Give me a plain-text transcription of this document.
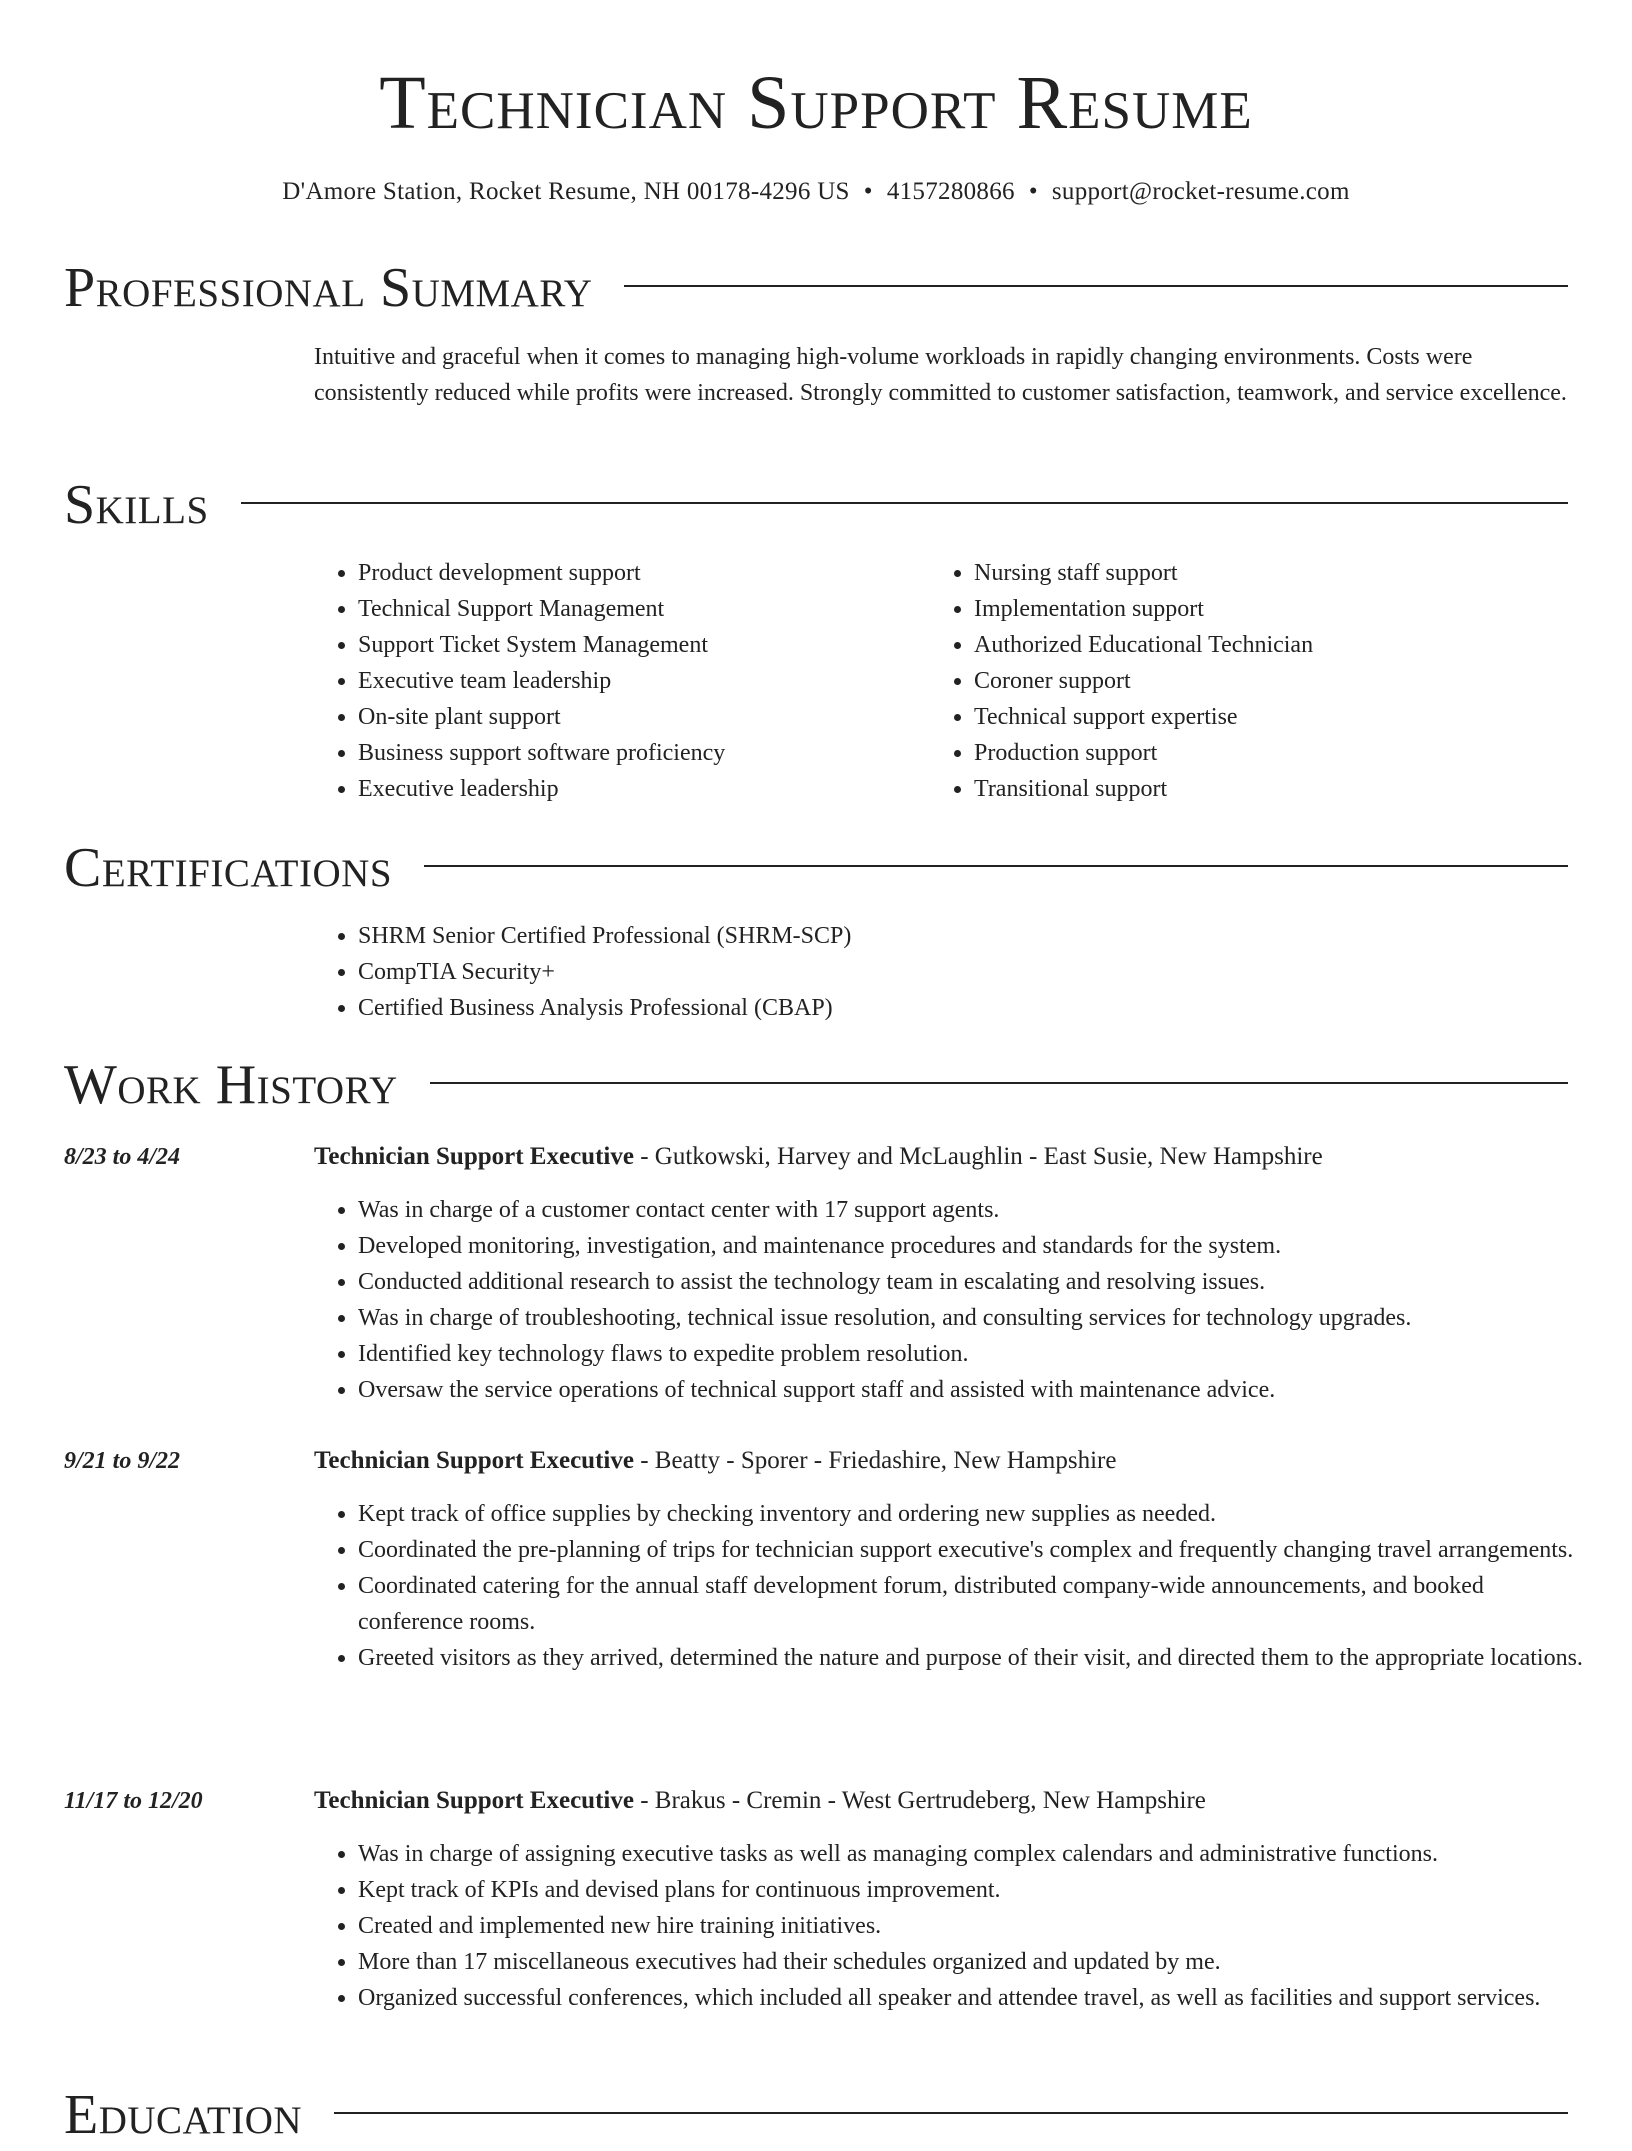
Technician Support Resume
D'Amore Station, Rocket Resume, NH 00178-4296 US • 4157280866 • support@rocket-resume.com
Professional Summary

Intuitive and graceful when it comes to managing high-volume workloads in rapidly changing environments. Costs were consistently reduced while profits were increased. Strongly committed to customer satisfaction, teamwork, and service excellence.

Skills
• Product development support
• Technical Support Management
• Support Ticket System Management
• Executive team leadership
• On-site plant support
• Business support software proficiency
• Executive leadership
• Nursing staff support
• Implementation support
• Authorized Educational Technician
• Coroner support
• Technical support expertise
• Production support
• Transitional support
Certifications
• SHRM Senior Certified Professional (SHRM-SCP)
• CompTIA Security+
• Certified Business Analysis Professional (CBAP)
Work History
8/23 to 4/24	Technician Support Executive - Gutkowski, Harvey and McLaughlin - East Susie, New Hampshire
• Was in charge of a customer contact center with 17 support agents.
• Developed monitoring, investigation, and maintenance procedures and standards for the system.
• Conducted additional research to assist the technology team in escalating and resolving issues.
• Was in charge of troubleshooting, technical issue resolution, and consulting services for technology upgrades.
• Identified key technology flaws to expedite problem resolution.
• Oversaw the service operations of technical support staff and assisted with maintenance advice.
9/21 to 9/22	Technician Support Executive - Beatty - Sporer - Friedashire, New Hampshire
• Kept track of office supplies by checking inventory and ordering new supplies as needed.
• Coordinated the pre-planning of trips for technician support executive's complex and frequently changing travel arrangements.
• Coordinated catering for the annual staff development forum, distributed company-wide announcements, and booked conference rooms.
• Greeted visitors as they arrived, determined the nature and purpose of their visit, and directed them to the appropriate locations.
11/17 to 12/20	Technician Support Executive - Brakus - Cremin - West Gertrudeberg, New Hampshire
• Was in charge of assigning executive tasks as well as managing complex calendars and administrative functions.
• Kept track of KPIs and devised plans for continuous improvement.
• Created and implemented new hire training initiatives.
• More than 17 miscellaneous executives had their schedules organized and updated by me.
• Organized successful conferences, which included all speaker and attendee travel, as well as facilities and support services.
Education
